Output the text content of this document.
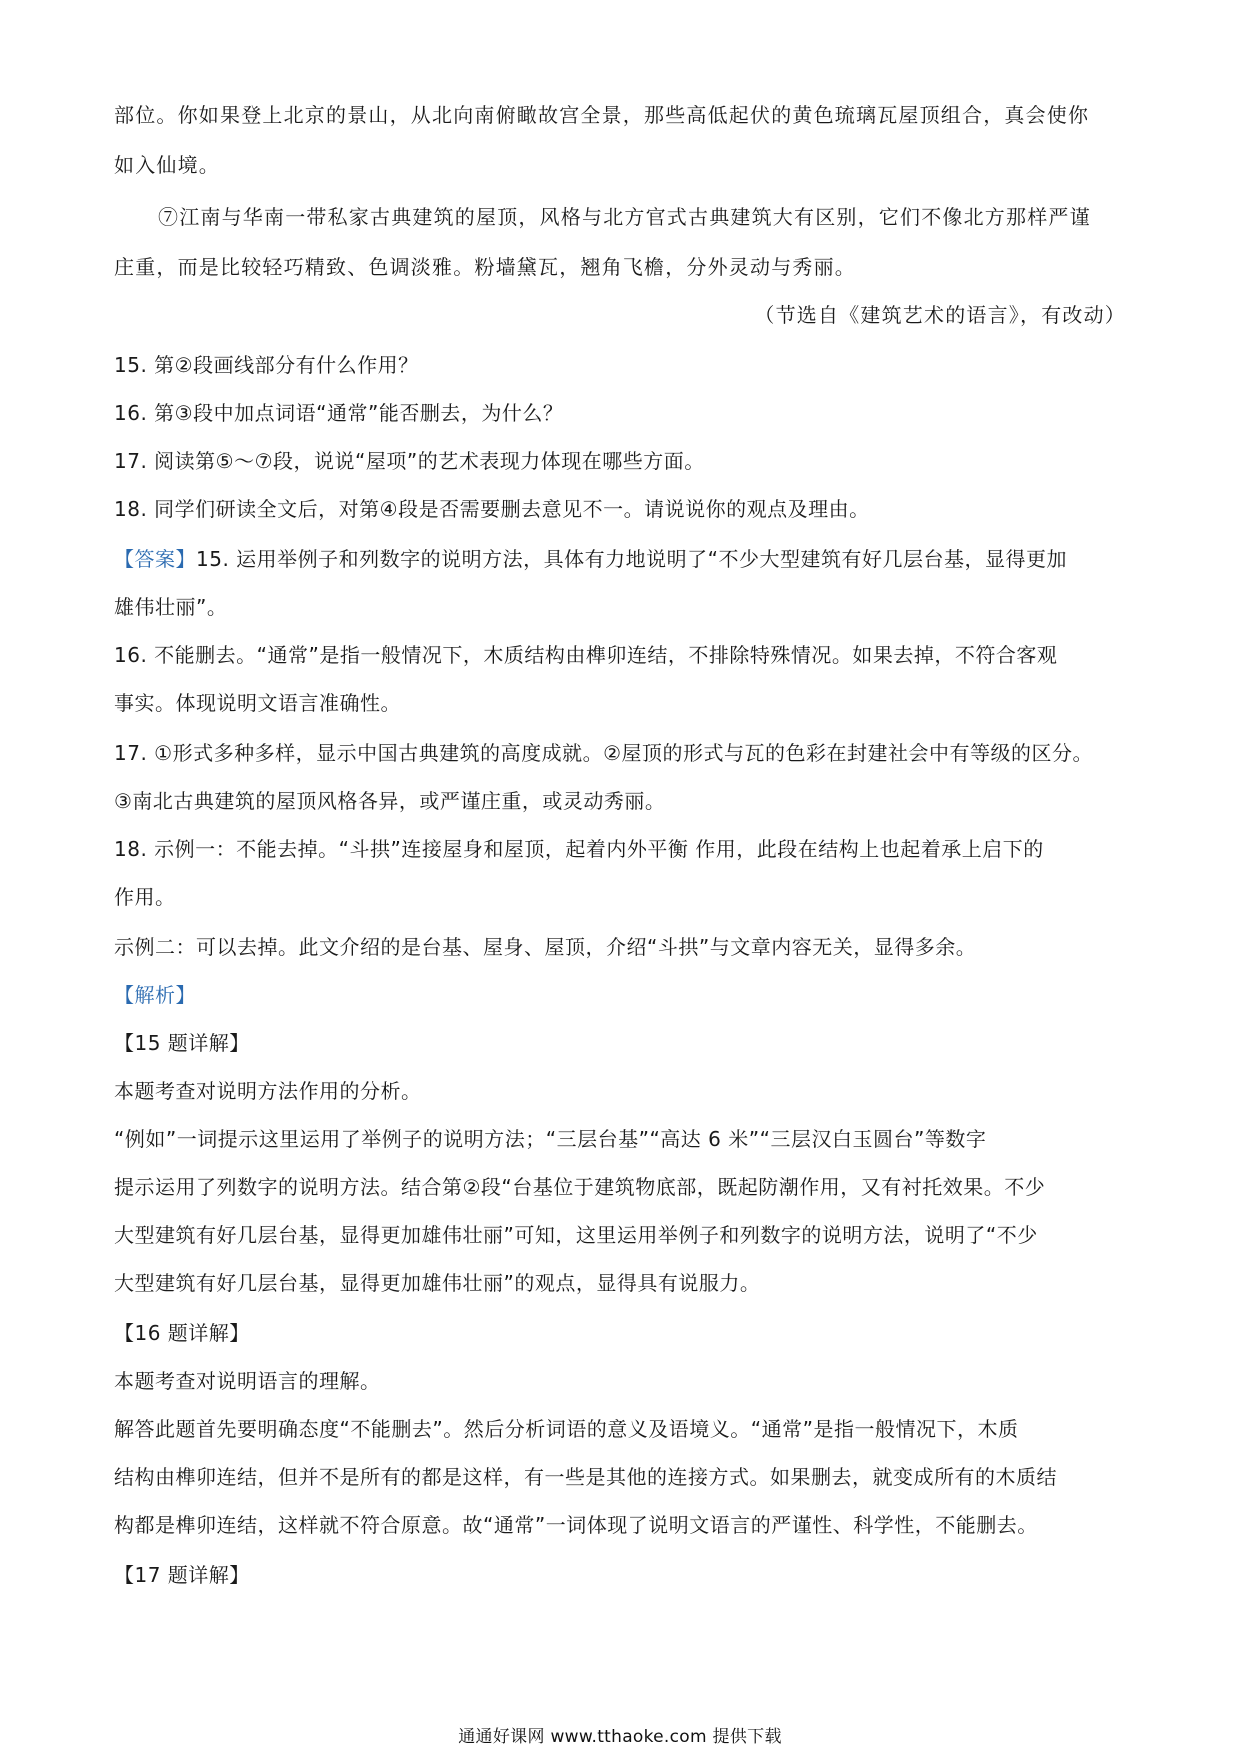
部位。你如果登上北京的景山，从北向南俯瞰故宫全景，那些高低起伏的黄色琉璃瓦屋顶组合，真会使你
如入仙境。
⑦江南与华南一带私家古典建筑的屋顶，风格与北方官式古典建筑大有区别，它们不像北方那样严谨
庄重，而是比较轻巧精致、色调淡雅。粉墙黛瓦，翘角飞檐，分外灵动与秀丽。
（节选自《建筑艺术的语言》，有改动）
15. 第②段画线部分有什么作用？
16. 第③段中加点词语“通常”能否删去，为什么？
17. 阅读第⑤～⑦段，说说“屋项”的艺术表现力体现在哪些方面。
18. 同学们研读全文后，对第④段是否需要删去意见不一。请说说你的观点及理由。
【答案】15. 运用举例子和列数字的说明方法，具体有力地说明了“不少大型建筑有好几层台基，显得更加
雄伟壮丽”。
16. 不能删去。“通常”是指一般情况下，木质结构由榫卯连结，不排除特殊情况。如果去掉，不符合客观
事实。体现说明文语言准确性。
17. ①形式多种多样，显示中国古典建筑的高度成就。②屋顶的形式与瓦的色彩在封建社会中有等级的区分。
③南北古典建筑的屋顶风格各异，或严谨庄重，或灵动秀丽。
18. 示例一：不能去掉。“斗拱”连接屋身和屋顶，起着内外平衡 作用，此段在结构上也起着承上启下的
作用。
示例二：可以去掉。此文介绍的是台基、屋身、屋顶，介绍“斗拱”与文章内容无关，显得多余。
【解析】
【15 题详解】
本题考查对说明方法作用的分析。
“例如”一词提示这里运用了举例子的说明方法；“三层台基”“高达 6 米”“三层汉白玉圆台”等数字
提示运用了列数字的说明方法。结合第②段“台基位于建筑物底部，既起防潮作用，又有衬托效果。不少
大型建筑有好几层台基，显得更加雄伟壮丽”可知，这里运用举例子和列数字的说明方法，说明了“不少
大型建筑有好几层台基，显得更加雄伟壮丽”的观点，显得具有说服力。
【16 题详解】
本题考查对说明语言的理解。
解答此题首先要明确态度“不能删去”。然后分析词语的意义及语境义。“通常”是指一般情况下，木质
结构由榫卯连结，但并不是所有的都是这样，有一些是其他的连接方式。如果删去，就变成所有的木质结
构都是榫卯连结，这样就不符合原意。故“通常”一词体现了说明文语言的严谨性、科学性，不能删去。
【17 题详解】
通通好课网 www.tthaoke.com 提供下载
